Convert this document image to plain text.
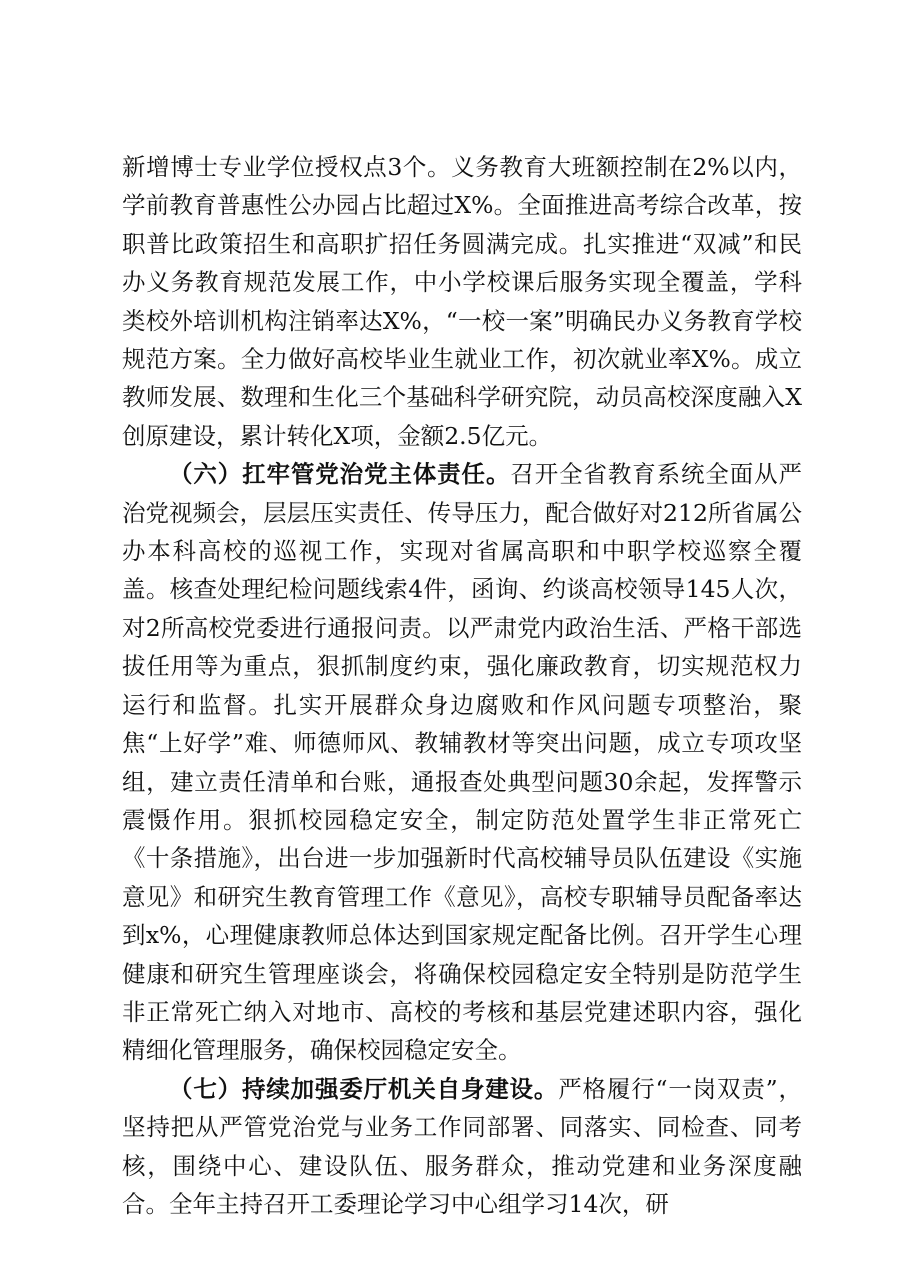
新增博士专业学位授权点3个。义务教育大班额控制在2%以内，学前教育普惠性公办园占比超过X%。全面推进高考综合改革，按职普比政策招生和高职扩招任务圆满完成。扎实推进“双减”和民办义务教育规范发展工作，中小学校课后服务实现全覆盖，学科类校外培训机构注销率达X%，“一校一案”明确民办义务教育学校规范方案。全力做好高校毕业生就业工作，初次就业率X%。成立教师发展、数理和生化三个基础科学研究院，动员高校深度融入X创原建设，累计转化X项，金额2.5亿元。

（六）扛牢管党治党主体责任。召开全省教育系统全面从严治党视频会，层层压实责任、传导压力，配合做好对212所省属公办本科高校的巡视工作，实现对省属高职和中职学校巡察全覆盖。核查处理纪检问题线索4件，函询、约谈高校领导145人次，对2所高校党委进行通报问责。以严肃党内政治生活、严格干部选拔任用等为重点，狠抓制度约束，强化廉政教育，切实规范权力运行和监督。扎实开展群众身边腐败和作风问题专项整治，聚焦“上好学”难、师德师风、教辅教材等突出问题，成立专项攻坚组，建立责任清单和台账，通报查处典型问题30余起，发挥警示震慑作用。狠抓校园稳定安全，制定防范处置学生非正常死亡《十条措施》，出台进一步加强新时代高校辅导员队伍建设《实施意见》和研究生教育管理工作《意见》，高校专职辅导员配备率达到x%，心理健康教师总体达到国家规定配备比例。召开学生心理健康和研究生管理座谈会，将确保校园稳定安全特别是防范学生非正常死亡纳入对地市、高校的考核和基层党建述职内容，强化精细化管理服务，确保校园稳定安全。

（七）持续加强委厅机关自身建设。严格履行“一岗双责”，坚持把从严管党治党与业务工作同部署、同落实、同检查、同考核，围绕中心、建设队伍、服务群众，推动党建和业务深度融合。全年主持召开工委理论学习中心组学习14次，研
